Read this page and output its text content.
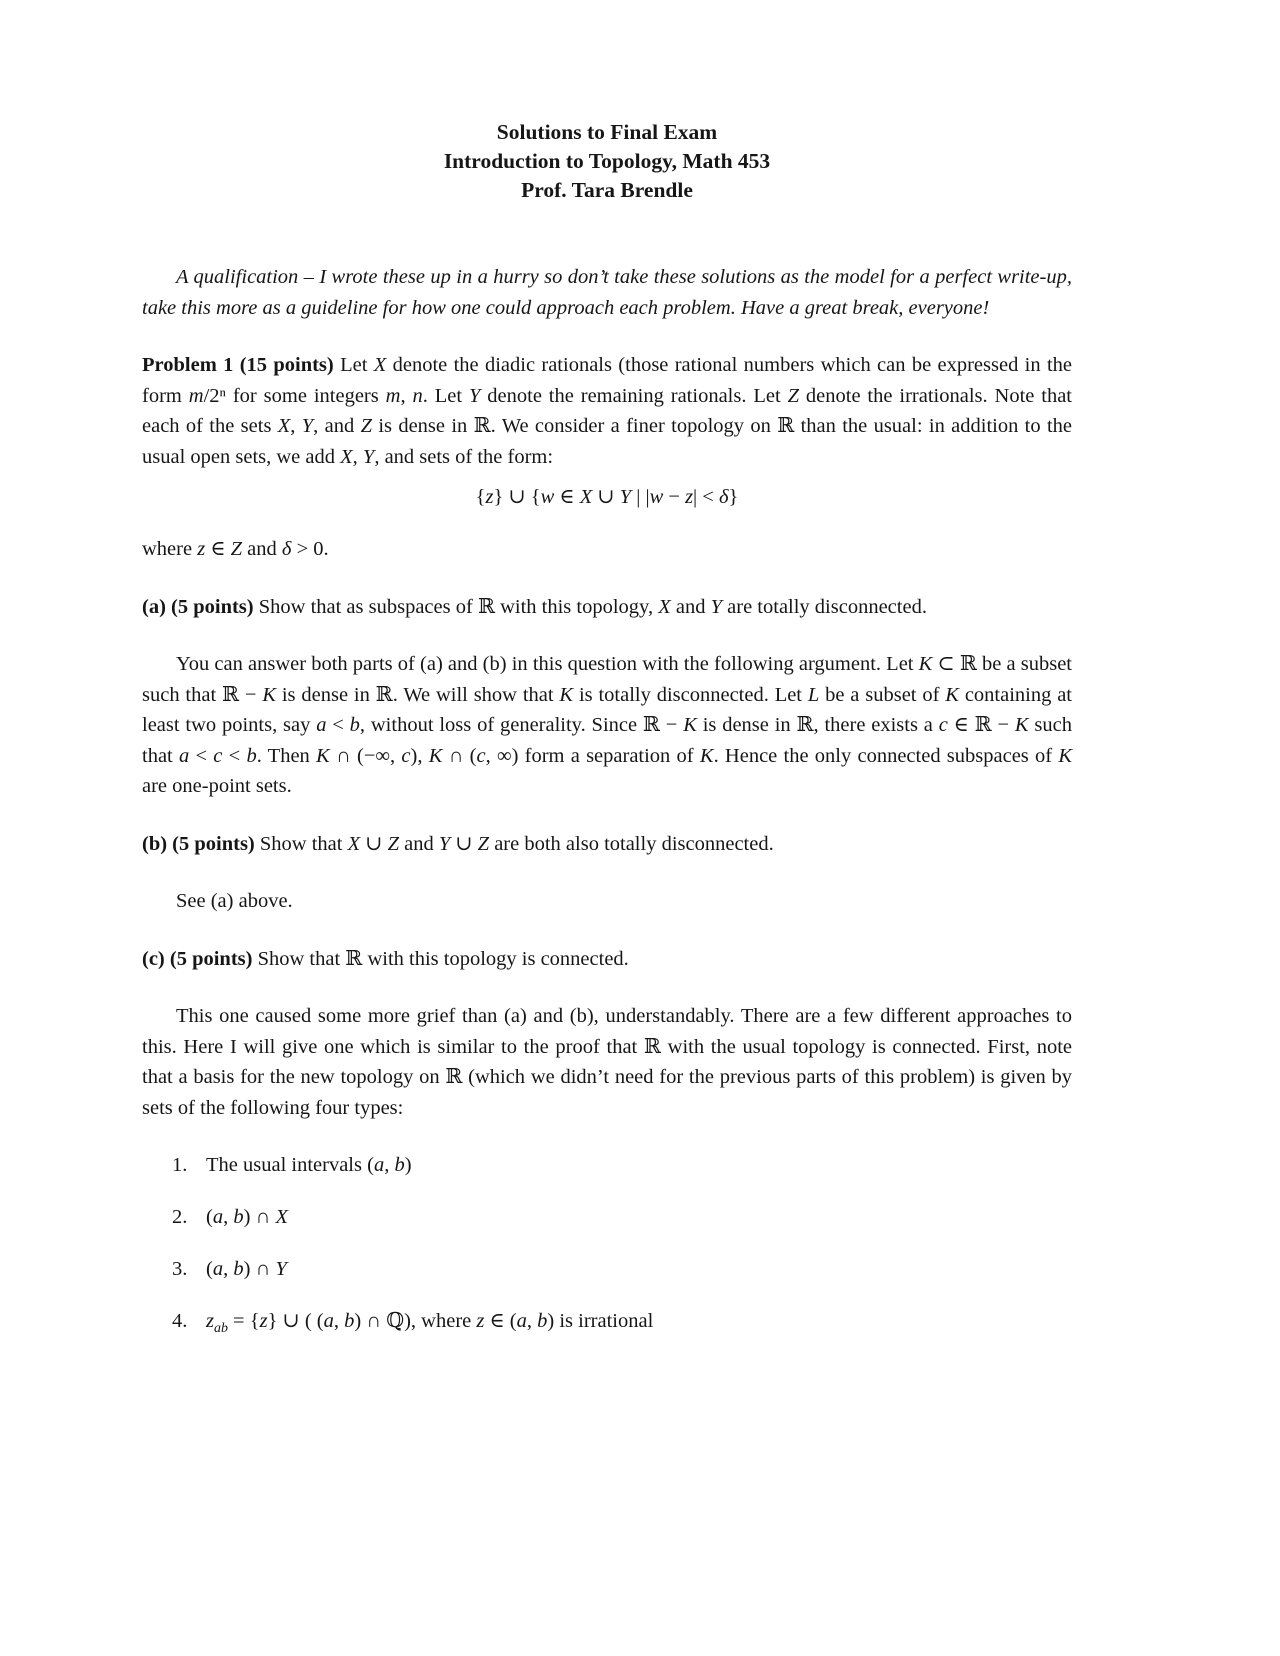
Solutions to Final Exam
Introduction to Topology, Math 453
Prof. Tara Brendle

A qualification – I wrote these up in a hurry so don’t take these solutions as the model for a perfect write-up, take this more as a guideline for how one could approach each problem. Have a great break, everyone!

Problem 1 (15 points) Let X denote the diadic rationals (those rational numbers which can be expressed in the form m/2ⁿ for some integers m, n. Let Y denote the remaining rationals. Let Z denote the irrationals. Note that each of the sets X, Y, and Z is dense in ℝ. We consider a finer topology on ℝ than the usual: in addition to the usual open sets, we add X, Y, and sets of the form:

{z} ∪ {w ∈ X ∪ Y | |w − z| < δ}

where z ∈ Z and δ > 0.

(a) (5 points) Show that as subspaces of ℝ with this topology, X and Y are totally disconnected.

You can answer both parts of (a) and (b) in this question with the following argument. Let K ⊂ ℝ be a subset such that ℝ − K is dense in ℝ. We will show that K is totally disconnected. Let L be a subset of K containing at least two points, say a < b, without loss of generality. Since ℝ − K is dense in ℝ, there exists a c ∈ ℝ − K such that a < c < b. Then K ∩ (−∞, c), K ∩ (c, ∞) form a separation of K. Hence the only connected subspaces of K are one-point sets.

(b) (5 points) Show that X ∪ Z and Y ∪ Z are both also totally disconnected.

See (a) above.

(c) (5 points) Show that ℝ with this topology is connected.

This one caused some more grief than (a) and (b), understandably. There are a few different approaches to this. Here I will give one which is similar to the proof that ℝ with the usual topology is connected. First, note that a basis for the new topology on ℝ (which we didn’t need for the previous parts of this problem) is given by sets of the following four types:

1. The usual intervals (a, b)
2. (a, b) ∩ X
3. (a, b) ∩ Y
4. $z_{ab} = \{z\}$ ∪ ( (a, b) ∩ ℚ), where z ∈ (a, b) is irrational
